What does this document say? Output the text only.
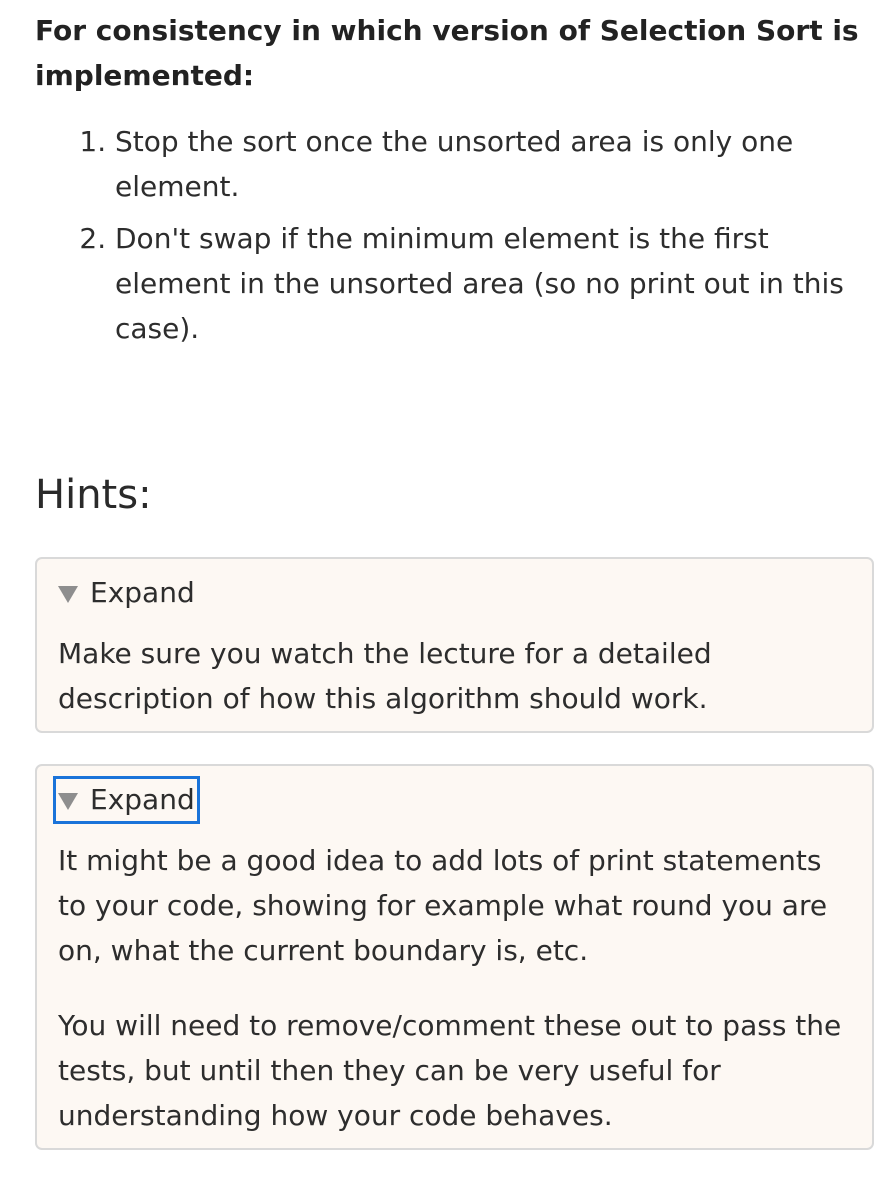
For consistency in which version of Selection Sort is implemented:

1. Stop the sort once the unsorted area is only one element.
2. Don't swap if the minimum element is the first element in the unsorted area (so no print out in this case).
Hints:
Expand

Make sure you watch the lecture for a detailed description of how this algorithm should work.

Expand

It might be a good idea to add lots of print statements to your code, showing for example what round you are on, what the current boundary is, etc.

You will need to remove/comment these out to pass the tests, but until then they can be very useful for understanding how your code behaves.
